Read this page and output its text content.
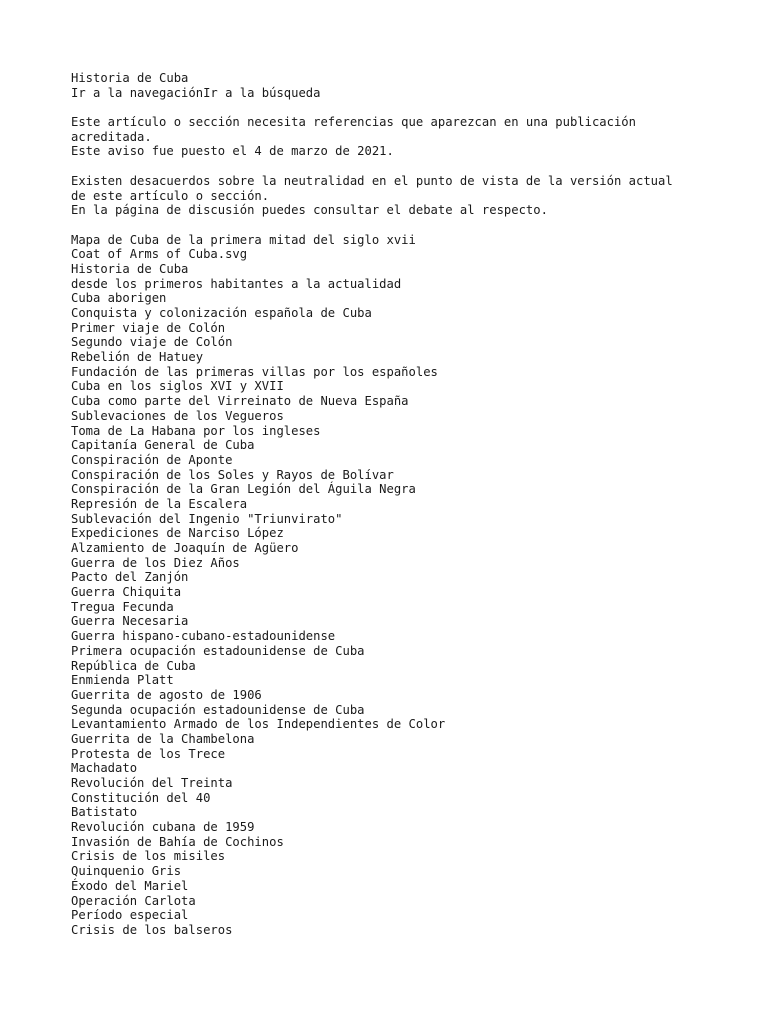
Historia de Cuba
Ir a la navegaciónIr a la búsqueda
Este artículo o sección necesita referencias que aparezcan en una publicación
acreditada.
Este aviso fue puesto el 4 de marzo de 2021.
Existen desacuerdos sobre la neutralidad en el punto de vista de la versión actual
de este artículo o sección.
En la página de discusión puedes consultar el debate al respecto.
Mapa de Cuba de la primera mitad del siglo xvii
Coat of Arms of Cuba.svg
Historia de Cuba
desde los primeros habitantes a la actualidad
Cuba aborigen
Conquista y colonización española de Cuba
Primer viaje de Colón
Segundo viaje de Colón
Rebelión de Hatuey
Fundación de las primeras villas por los españoles
Cuba en los siglos XVI y XVII
Cuba como parte del Virreinato de Nueva España
Sublevaciones de los Vegueros
Toma de La Habana por los ingleses
Capitanía General de Cuba
Conspiración de Aponte
Conspiración de los Soles y Rayos de Bolívar
Conspiración de la Gran Legión del Águila Negra
Represión de la Escalera
Sublevación del Ingenio "Triunvirato"
Expediciones de Narciso López
Alzamiento de Joaquín de Agüero
Guerra de los Diez Años
Pacto del Zanjón
Guerra Chiquita
Tregua Fecunda
Guerra Necesaria
Guerra hispano-cubano-estadounidense
Primera ocupación estadounidense de Cuba
República de Cuba
Enmienda Platt
Guerrita de agosto de 1906
Segunda ocupación estadounidense de Cuba
Levantamiento Armado de los Independientes de Color
Guerrita de la Chambelona
Protesta de los Trece
Machadato
Revolución del Treinta
Constitución del 40
Batistato
Revolución cubana de 1959
Invasión de Bahía de Cochinos
Crisis de los misiles
Quinquenio Gris
Éxodo del Mariel
Operación Carlota
Período especial
Crisis de los balseros
